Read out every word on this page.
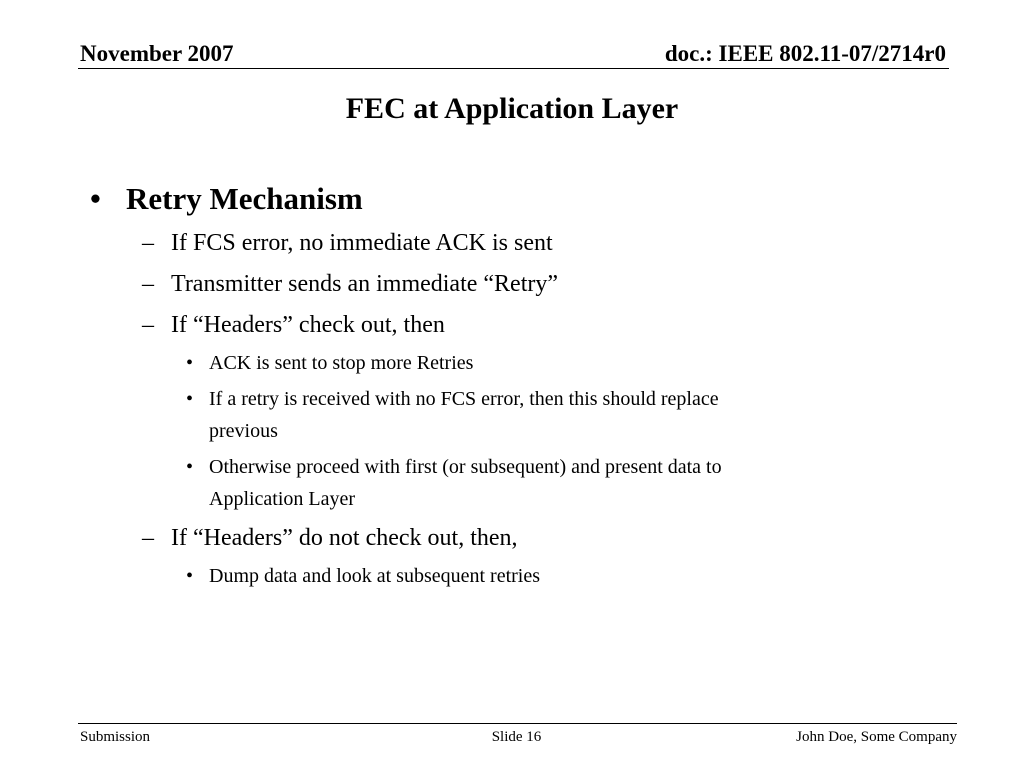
November 2007	doc.: IEEE 802.11-07/2714r0
FEC at Application Layer
• Retry Mechanism
– If FCS error, no immediate ACK is sent
– Transmitter sends an immediate “Retry”
– If “Headers” check out, then
• ACK is sent to stop more Retries
• If a retry is received with no FCS error, then this should replace
previous
• Otherwise proceed with first (or subsequent) and present data to
Application Layer
– If “Headers” do not check out, then,
• Dump data and look at subsequent retries
Submission	Slide 16	John Doe, Some Company
